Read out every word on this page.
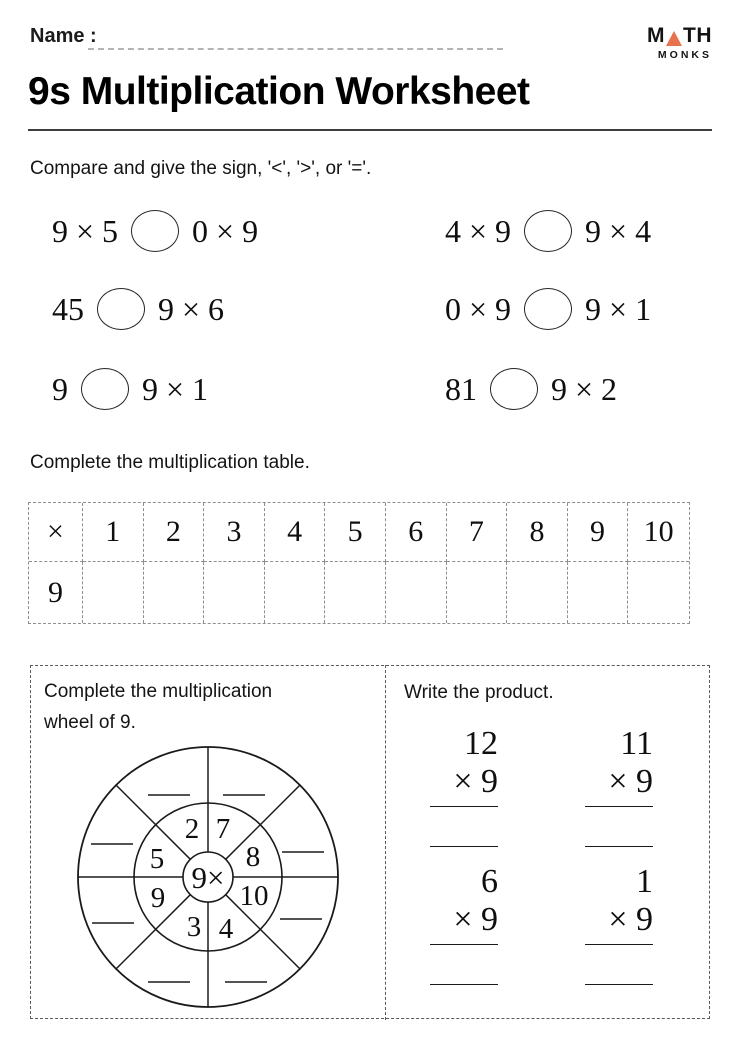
Name :	M TH
MONKS
9s Multiplication Worksheet
Compare and give the sign, '<', '>', or '='.
9 × 5 0 × 9	4 × 9 9 × 4
45 9 × 6	0 × 9 9 × 1
9 9 × 1	81 9 × 2
Complete the multiplication table.
×	1	2	3	4	5	6	7	8	9	10
9
Complete the multiplication
wheel of 9.
9×
2 7
5	8
9	10
3 4
Write the product.
12
× 9
11
× 9
6
× 9
1
× 9
